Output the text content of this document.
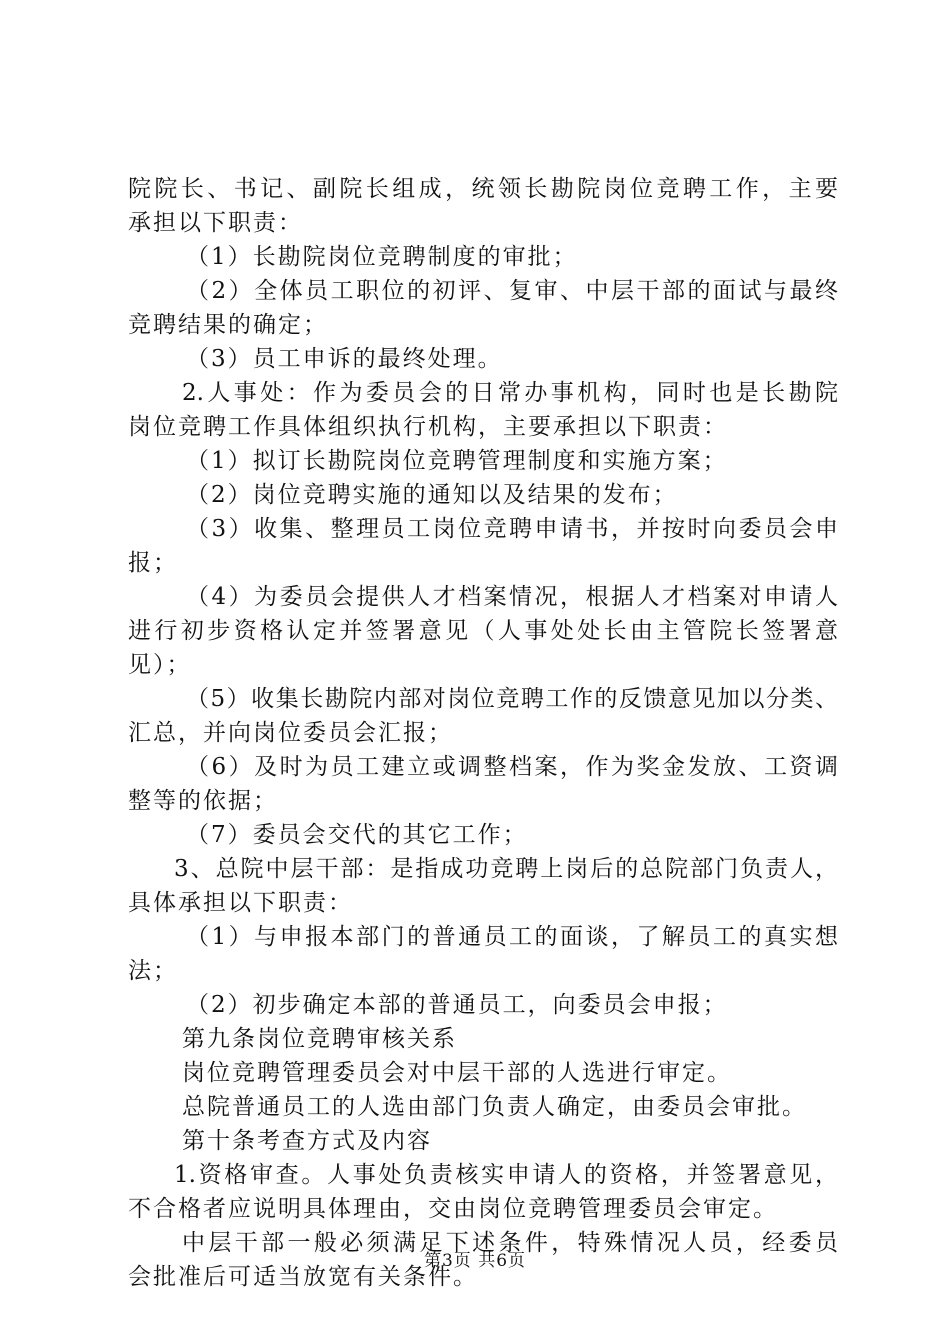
院院长、书记、副院长组成，统领长勘院岗位竞聘工作，主要
承担以下职责：
（1）长勘院岗位竞聘制度的审批；
（2）全体员工职位的初评、复审、中层干部的面试与最终
竞聘结果的确定；
（3）员工申诉的最终处理。
2.人事处：作为委员会的日常办事机构，同时也是长勘院
岗位竞聘工作具体组织执行机构，主要承担以下职责：
（1）拟订长勘院岗位竞聘管理制度和实施方案；
（2）岗位竞聘实施的通知以及结果的发布；
（3）收集、整理员工岗位竞聘申请书，并按时向委员会申
报；
（4）为委员会提供人才档案情况，根据人才档案对申请人
进行初步资格认定并签署意见（人事处处长由主管院长签署意
见）；
（5）收集长勘院内部对岗位竞聘工作的反馈意见加以分类、
汇总，并向岗位委员会汇报；
（6）及时为员工建立或调整档案，作为奖金发放、工资调
整等的依据；
（7）委员会交代的其它工作；
3、总院中层干部：是指成功竞聘上岗后的总院部门负责人，
具体承担以下职责：
（1）与申报本部门的普通员工的面谈，了解员工的真实想
法；
（2）初步确定本部的普通员工，向委员会申报；
第九条岗位竞聘审核关系
岗位竞聘管理委员会对中层干部的人选进行审定。
总院普通员工的人选由部门负责人确定，由委员会审批。
第十条考查方式及内容
1.资格审查。人事处负责核实申请人的资格，并签署意见，
不合格者应说明具体理由，交由岗位竞聘管理委员会审定。
中层干部一般必须满足下述条件，特殊情况人员，经委员
会批准后可适当放宽有关条件。
第3页 共6页
